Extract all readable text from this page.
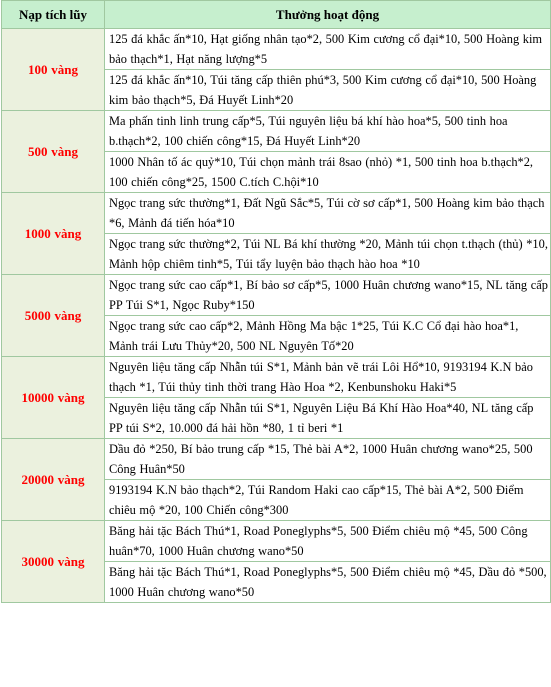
Nạp tích lũy	Thưởng hoạt động
100 vàng	125 đá khắc ấn*10, Hạt giống nhân tạo*2, 500 Kim cương cổ đại*10, 500 Hoàng kim bảo thạch*1, Hạt năng lượng*5
	125 đá khắc ấn*10, Túi tăng cấp thiên phú*3, 500 Kim cương cổ đại*10, 500 Hoàng kim bảo thạch*5, Đá Huyết Linh*20
500 vàng	Ma phấn tinh linh trung cấp*5, Túi nguyên liệu bá khí hào hoa*5, 500 tinh hoa b.thạch*2, 100 chiến công*15, Đá Huyết Linh*20
	1000 Nhân tố ác quỷ*10, Túi chọn mảnh trái 8sao (nhỏ) *1, 500 tinh hoa b.thạch*2, 100 chiến công*25, 1500 C.tích C.hội*10
1000 vàng	Ngọc trang sức thường*1, Đất Ngũ Sắc*5, Túi cờ sơ cấp*1, 500 Hoàng kim bảo thạch *6, Mảnh đá tiến hóa*10
	Ngọc trang sức thường*2, Túi NL Bá khí thường *20, Mảnh túi chọn t.thạch (thủ) *10, Mảnh hộp chiêm tinh*5, Túi tẩy luyện bảo thạch hào hoa *10
5000 vàng	Ngọc trang sức cao cấp*1, Bí bảo sơ cấp*5, 1000 Huân chương wano*15, NL tăng cấp PP Túi S*1, Ngọc Ruby*150
	Ngọc trang sức cao cấp*2, Mảnh Hồng Ma bậc 1*25, Túi K.C Cổ đại hào hoa*1, Mảnh trái Lưu Thủy*20, 500 NL Nguyên Tố*20
10000 vàng	Nguyên liệu tăng cấp Nhẫn túi S*1, Mảnh bản vẽ trái Lôi Hổ*10, 9193194 K.N bảo thạch *1, Túi thủy tinh thời trang Hào Hoa *2, Kenbunshoku Haki*5
	Nguyên liệu tăng cấp Nhẫn túi S*1, Nguyên Liệu Bá Khí Hào Hoa*40, NL tăng cấp PP túi S*2, 10.000 đá hải hồn *80, 1 tỉ beri *1
20000 vàng	Dầu đỏ *250, Bí bảo trung cấp *15, Thẻ bài A*2, 1000 Huân chương wano*25, 500 Công Huân*50
	9193194 K.N bảo thạch*2, Túi Random Haki cao cấp*15, Thẻ bài A*2, 500 Điểm chiêu mộ *20, 100 Chiến công*300
30000 vàng	Băng hải tặc Bách Thú*1, Road Poneglyphs*5, 500 Điểm chiêu mộ *45, 500 Công huân*70, 1000 Huân chương wano*50
	Băng hải tặc Bách Thú*1, Road Poneglyphs*5, 500 Điểm chiêu mộ *45, Dầu đỏ *500, 1000 Huân chương wano*50
